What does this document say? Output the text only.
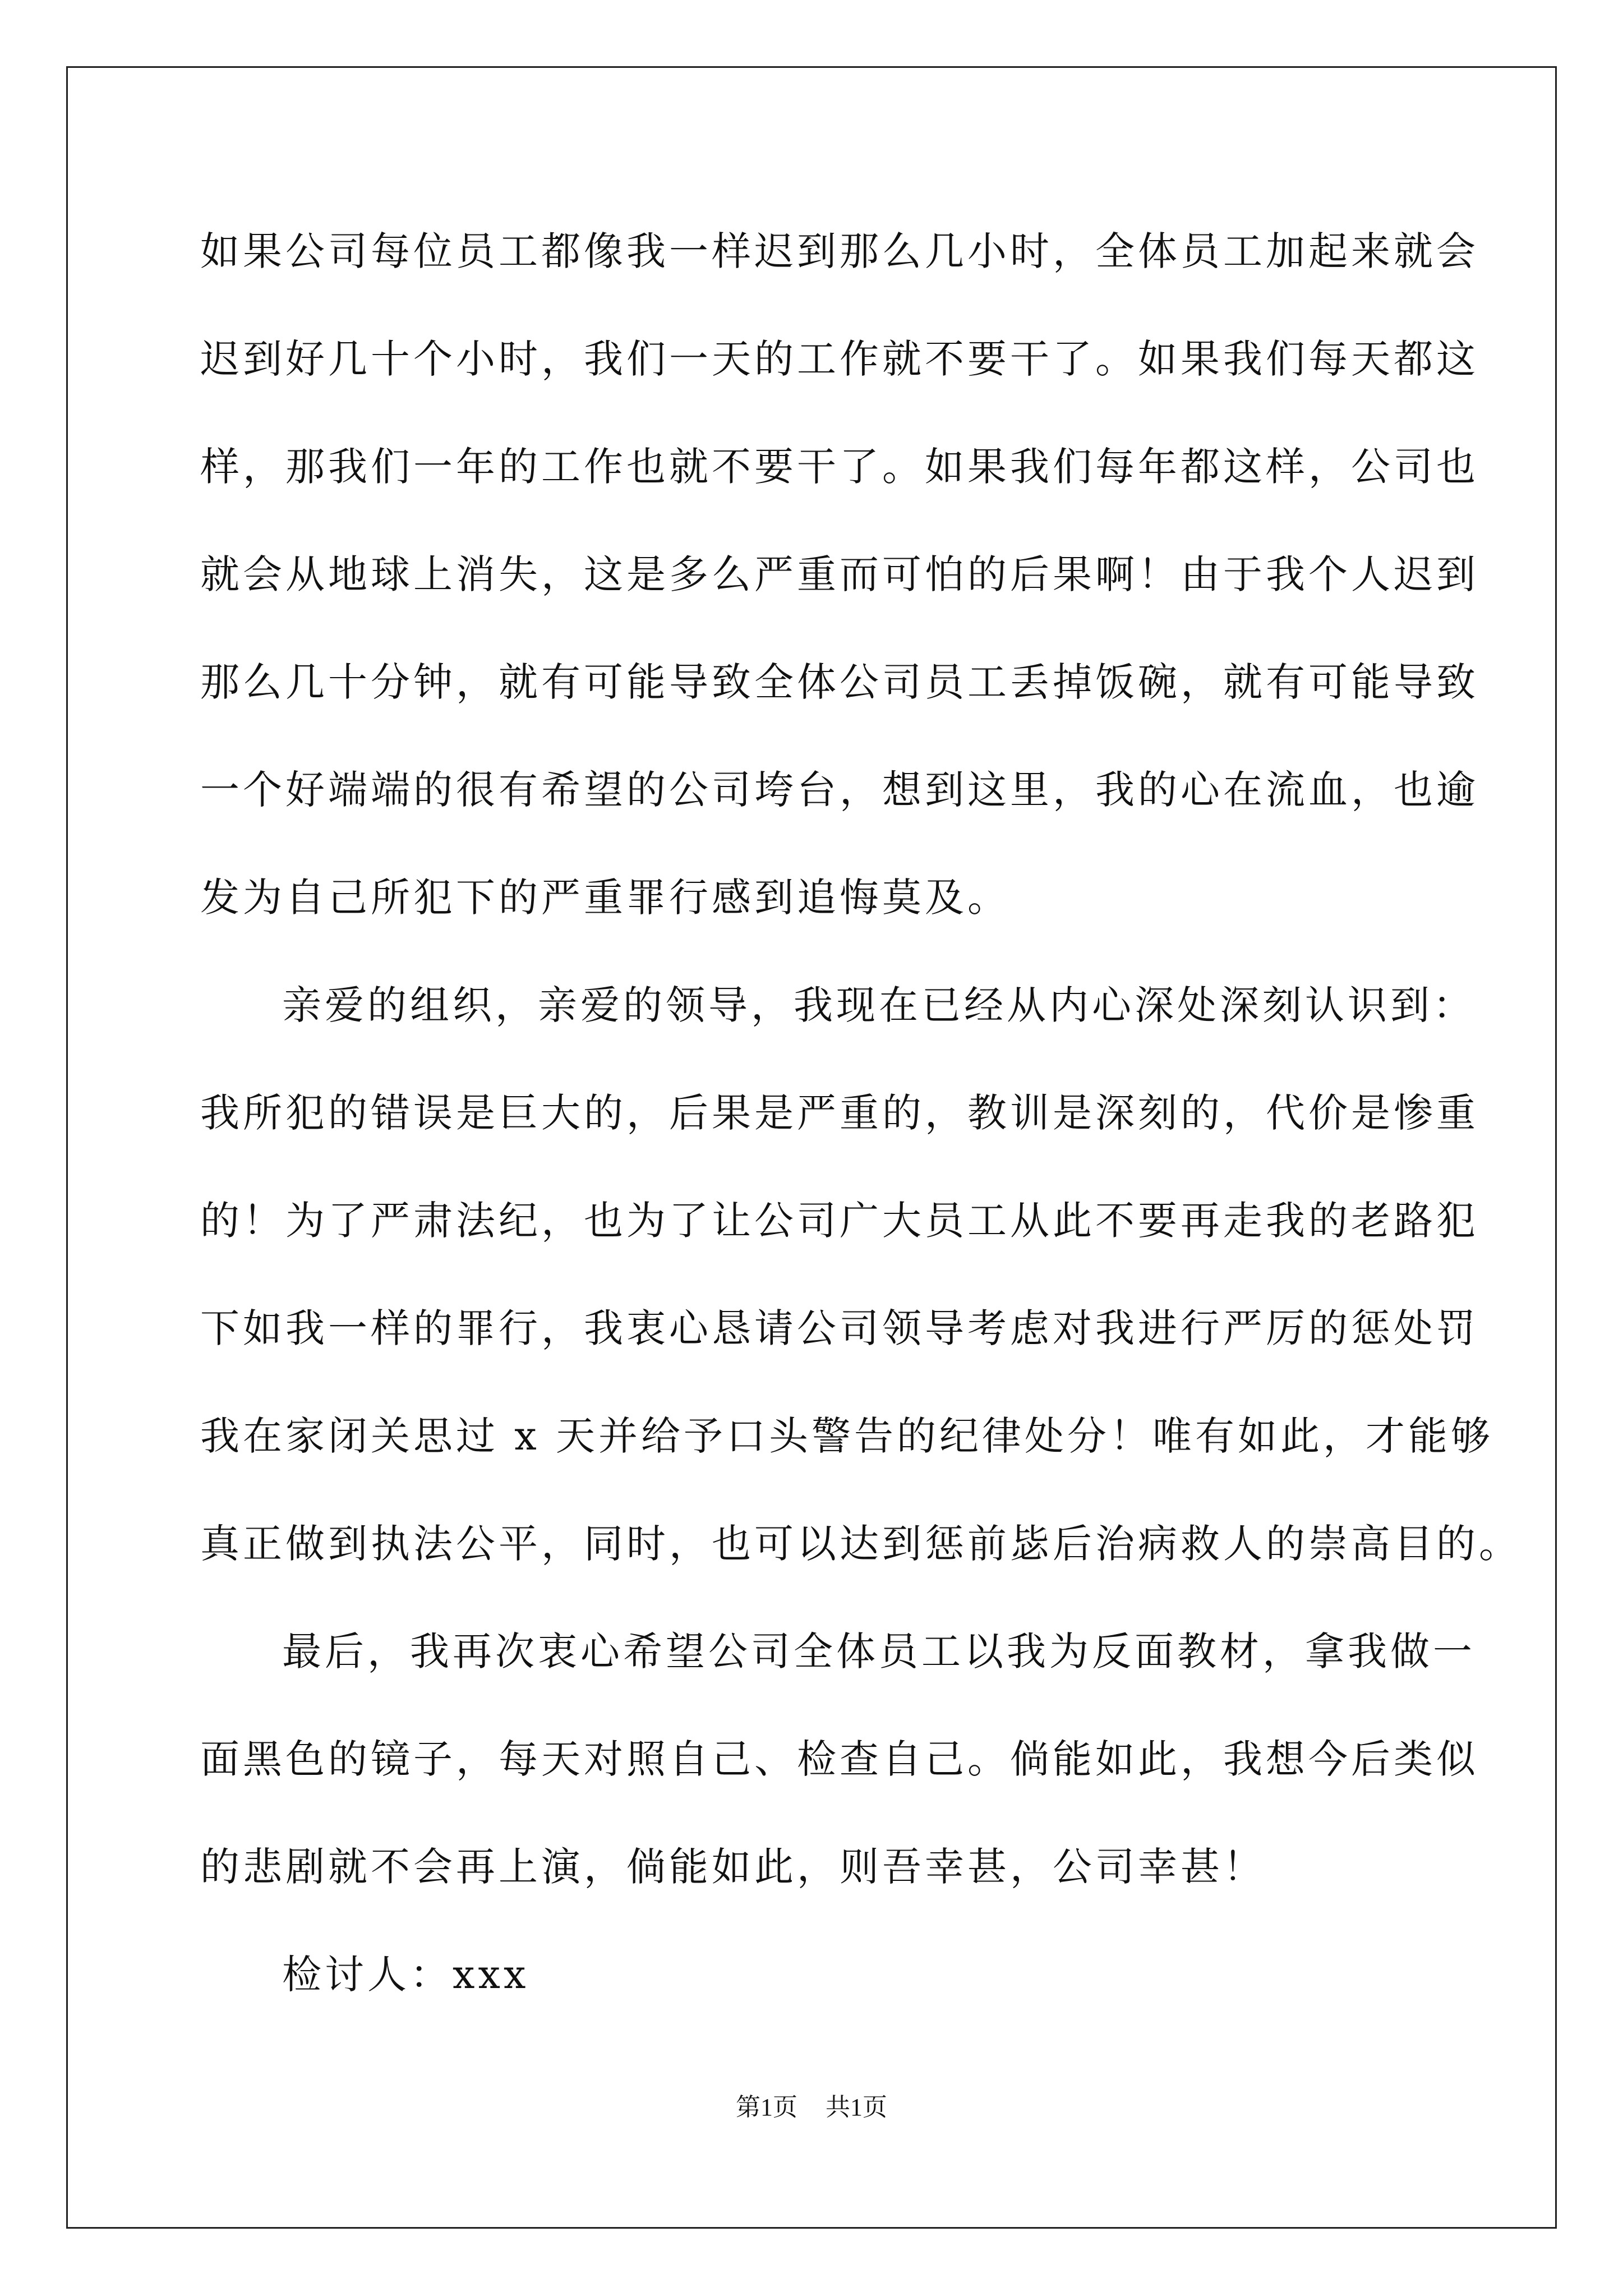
如果公司每位员工都像我一样迟到那么几小时，全体员工加起来就会
迟到好几十个小时，我们一天的工作就不要干了。如果我们每天都这
样，那我们一年的工作也就不要干了。如果我们每年都这样，公司也
就会从地球上消失，这是多么严重而可怕的后果啊！由于我个人迟到
那么几十分钟，就有可能导致全体公司员工丢掉饭碗，就有可能导致
一个好端端的很有希望的公司垮台，想到这里，我的心在流血，也逾
发为自己所犯下的严重罪行感到追悔莫及。
亲爱的组织，亲爱的领导，我现在已经从内心深处深刻认识到：
我所犯的错误是巨大的，后果是严重的，教训是深刻的，代价是惨重
的！为了严肃法纪，也为了让公司广大员工从此不要再走我的老路犯
下如我一样的罪行，我衷心恳请公司领导考虑对我进行严厉的惩处罚
我在家闭关思过 x 天并给予口头警告的纪律处分！唯有如此，才能够
真正做到执法公平，同时，也可以达到惩前毖后治病救人的崇高目的。
最后，我再次衷心希望公司全体员工以我为反面教材，拿我做一
面黑色的镜子，每天对照自己、检查自己。倘能如此，我想今后类似
的悲剧就不会再上演，倘能如此，则吾幸甚，公司幸甚！
检讨人：xxx
第1页 共1页
